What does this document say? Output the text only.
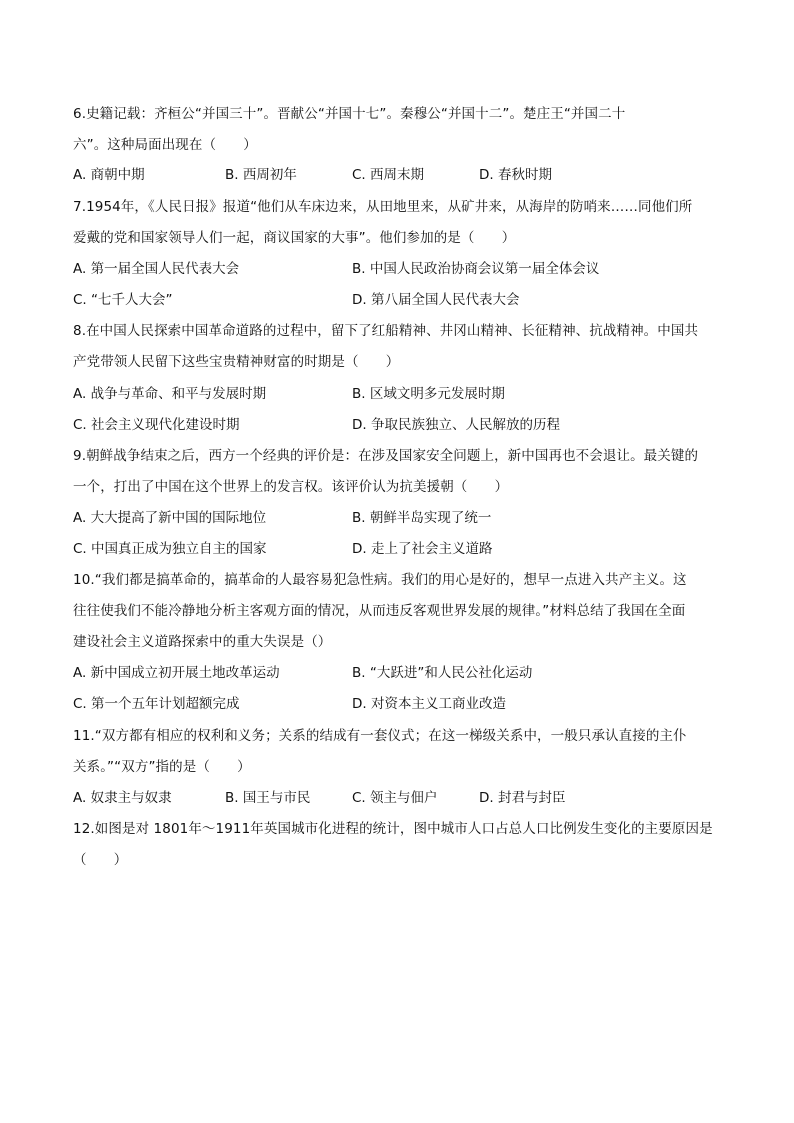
6.史籍记载：齐桓公“并国三十”。晋献公“并国十七”。秦穆公“并国十二”。楚庄王“并国二十
六”。这种局面出现在（　　）
A. 商朝中期	B. 西周初年	C. 西周末期	D. 春秋时期
7.1954年，《人民日报》报道“他们从车床边来，从田地里来，从矿井来，从海岸的防哨来……同他们所
爱戴的党和国家领导人们一起，商议国家的大事”。他们参加的是（　　）
A. 第一届全国人民代表大会	B. 中国人民政治协商会议第一届全体会议
C. “七千人大会”	D. 第八届全国人民代表大会
8.在中国人民探索中国革命道路的过程中，留下了红船精神、井冈山精神、长征精神、抗战精神。中国共
产党带领人民留下这些宝贵精神财富的时期是（　　）
A. 战争与革命、和平与发展时期	B. 区域文明多元发展时期
C. 社会主义现代化建设时期	D. 争取民族独立、人民解放的历程
9.朝鲜战争结束之后，西方一个经典的评价是：在涉及国家安全问题上，新中国再也不会退让。最关键的
一个，打出了中国在这个世界上的发言权。该评价认为抗美援朝（　　）
A. 大大提高了新中国的国际地位	B. 朝鲜半岛实现了统一
C. 中国真正成为独立自主的国家	D. 走上了社会主义道路
10.“我们都是搞革命的，搞革命的人最容易犯急性病。我们的用心是好的，想早一点进入共产主义。这
往往使我们不能冷静地分析主客观方面的情况，从而违反客观世界发展的规律。”材料总结了我国在全面
建设社会主义道路探索中的重大失误是（）
A. 新中国成立初开展土地改革运动	B. “大跃进”和人民公社化运动
C. 第一个五年计划超额完成	D. 对资本主义工商业改造
11.“双方都有相应的权利和义务；关系的结成有一套仪式；在这一梯级关系中，一般只承认直接的主仆
关系。”“双方”指的是（　　）
A. 奴隶主与奴隶	B. 国王与市民	C. 领主与佃户	D. 封君与封臣
12.如图是对 1801年～1911年英国城市化进程的统计，图中城市人口占总人口比例发生变化的主要原因是
（　　）
